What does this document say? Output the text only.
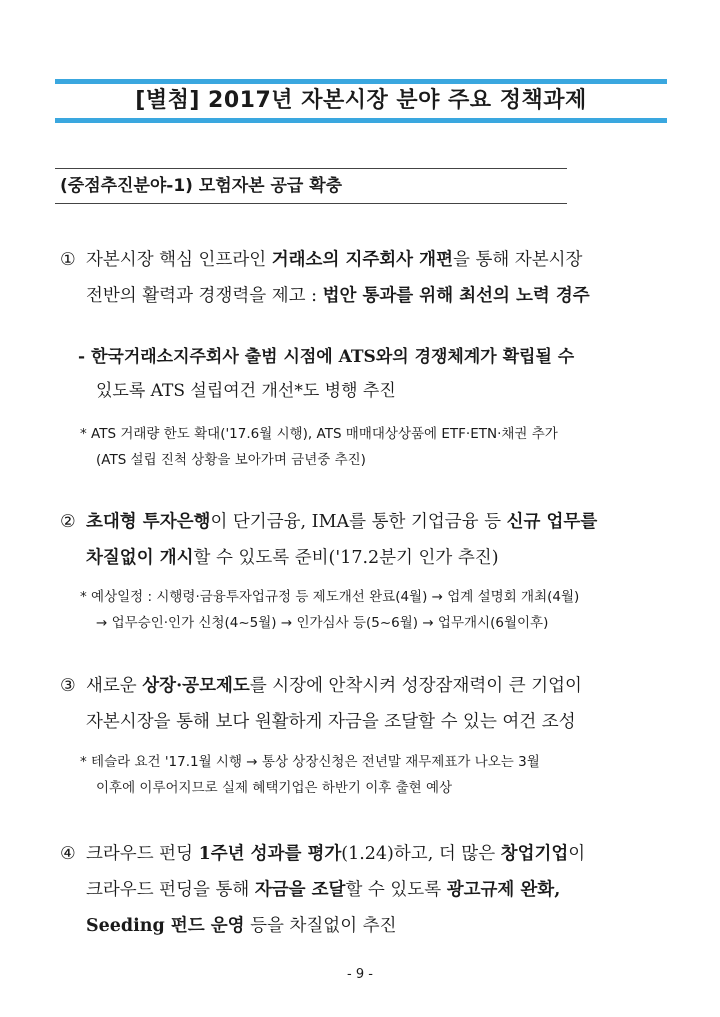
[별첨] 2017년 자본시장 분야 주요 정책과제
(중점추진분야-1) 모험자본 공급 확충
① 자본시장 핵심 인프라인 거래소의 지주회사 개편을 통해 자본시장
전반의 활력과 경쟁력을 제고 : 법안 통과를 위해 최선의 노력 경주
- 한국거래소지주회사 출범 시점에 ATS와의 경쟁체계가 확립될 수
있도록 ATS 설립여건 개선*도 병행 추진
* ATS 거래량 한도 확대('17.6월 시행), ATS 매매대상상품에 ETF·ETN·채권 추가
(ATS 설립 진척 상황을 보아가며 금년중 추진)
② 초대형 투자은행이 단기금융, IMA를 통한 기업금융 등 신규 업무를
차질없이 개시할 수 있도록 준비('17.2분기 인가 추진)
* 예상일정 : 시행령·금융투자업규정 등 제도개선 완료(4월) → 업계 설명회 개최(4월)
→ 업무승인·인가 신청(4~5월) → 인가심사 등(5~6월) → 업무개시(6월이후)
③ 새로운 상장·공모제도를 시장에 안착시켜 성장잠재력이 큰 기업이
자본시장을 통해 보다 원활하게 자금을 조달할 수 있는 여건 조성
* 테슬라 요건 '17.1월 시행 → 통상 상장신청은 전년말 재무제표가 나오는 3월
이후에 이루어지므로 실제 혜택기업은 하반기 이후 출현 예상
④ 크라우드 펀딩 1주년 성과를 평가(1.24)하고, 더 많은 창업기업이
크라우드 펀딩을 통해 자금을 조달할 수 있도록 광고규제 완화,
Seeding 펀드 운영 등을 차질없이 추진
- 9 -
